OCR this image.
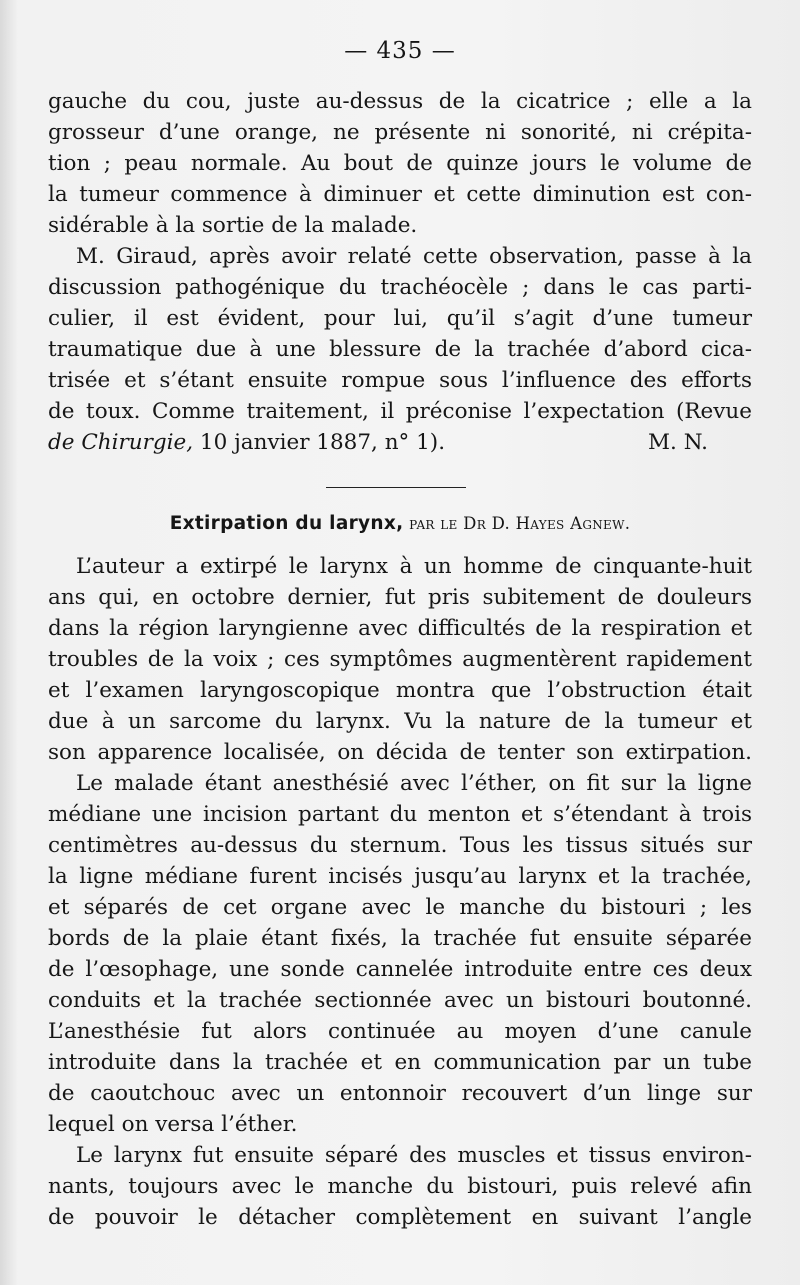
— 435 —
gauche du cou, juste au-dessus de la cicatrice ; elle a la
grosseur d’une orange, ne présente ni sonorité, ni crépita-
tion ; peau normale. Au bout de quinze jours le volume de
la tumeur commence à diminuer et cette diminution est con-
sidérable à la sortie de la malade.
M. Giraud, après avoir relaté cette observation, passe à la
discussion pathogénique du trachéocèle ; dans le cas parti-
culier, il est évident, pour lui, qu’il s’agit d’une tumeur
traumatique due à une blessure de la trachée d’abord cica-
trisée et s’étant ensuite rompue sous l’influence des efforts
de toux. Comme traitement, il préconise l’expectation (Revue
de Chirurgie, 10 janvier 1887, n° 1).	M. N.
Extirpation du larynx, par le Dr D. Hayes Agnew.
L’auteur a extirpé le larynx à un homme de cinquante-huit
ans qui, en octobre dernier, fut pris subitement de douleurs
dans la région laryngienne avec difficultés de la respiration et
troubles de la voix ; ces symptômes augmentèrent rapidement
et l’examen laryngoscopique montra que l’obstruction était
due à un sarcome du larynx. Vu la nature de la tumeur et
son apparence localisée, on décida de tenter son extirpation.
Le malade étant anesthésié avec l’éther, on fit sur la ligne
médiane une incision partant du menton et s’étendant à trois
centimètres au-dessus du sternum. Tous les tissus situés sur
la ligne médiane furent incisés jusqu’au larynx et la trachée,
et séparés de cet organe avec le manche du bistouri ; les
bords de la plaie étant fixés, la trachée fut ensuite séparée
de l’œsophage, une sonde cannelée introduite entre ces deux
conduits et la trachée sectionnée avec un bistouri boutonné.
L’anesthésie fut alors continuée au moyen d’une canule
introduite dans la trachée et en communication par un tube
de caoutchouc avec un entonnoir recouvert d’un linge sur
lequel on versa l’éther.
Le larynx fut ensuite séparé des muscles et tissus environ-
nants, toujours avec le manche du bistouri, puis relevé afin
de pouvoir le détacher complètement en suivant l’angle
